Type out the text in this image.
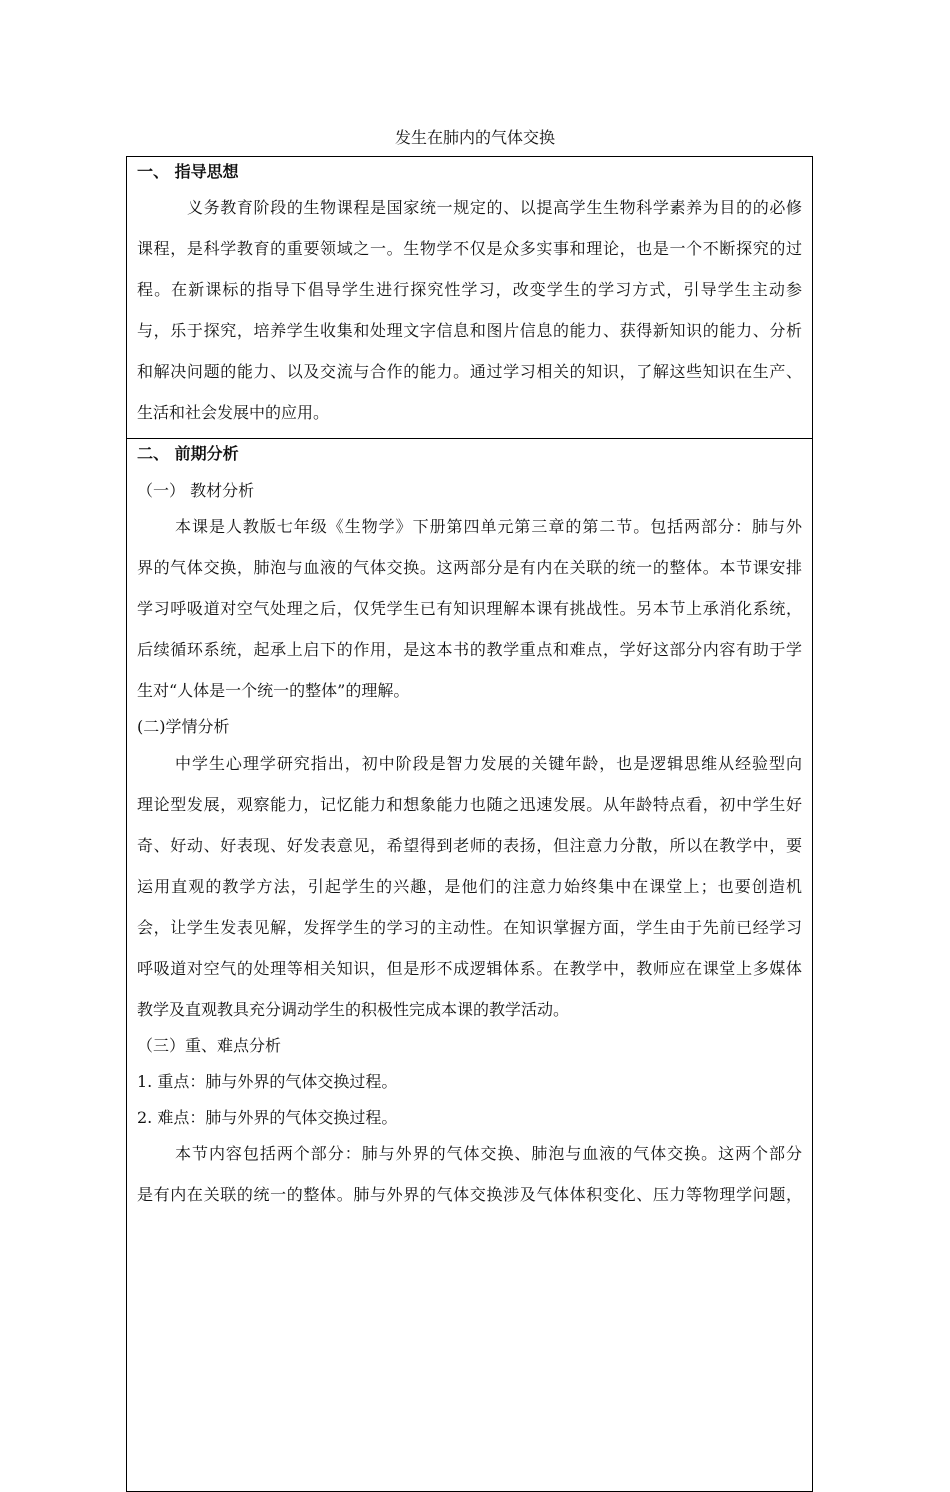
发生在肺内的气体交换
一、 指导思想
义务教育阶段的生物课程是国家统一规定的、以提高学生生物科学素养为目的的必修
课程，是科学教育的重要领域之一。生物学不仅是众多实事和理论，也是一个不断探究的过
程。在新课标的指导下倡导学生进行探究性学习，改变学生的学习方式，引导学生主动参
与，乐于探究，培养学生收集和处理文字信息和图片信息的能力、获得新知识的能力、分析
和解决问题的能力、以及交流与合作的能力。通过学习相关的知识，了解这些知识在生产、
生活和社会发展中的应用。
二、 前期分析
（一） 教材分析
本课是人教版七年级《生物学》下册第四单元第三章的第二节。包括两部分：肺与外
界的气体交换，肺泡与血液的气体交换。这两部分是有内在关联的统一的整体。本节课安排
学习呼吸道对空气处理之后，仅凭学生已有知识理解本课有挑战性。另本节上承消化系统，
后续循环系统，起承上启下的作用，是这本书的教学重点和难点，学好这部分内容有助于学
生对“人体是一个统一的整体”的理解。
(二)学情分析
中学生心理学研究指出，初中阶段是智力发展的关键年龄，也是逻辑思维从经验型向
理论型发展，观察能力，记忆能力和想象能力也随之迅速发展。从年龄特点看，初中学生好
奇、好动、好表现、好发表意见，希望得到老师的表扬，但注意力分散，所以在教学中，要
运用直观的教学方法，引起学生的兴趣，是他们的注意力始终集中在课堂上；也要创造机
会，让学生发表见解，发挥学生的学习的主动性。在知识掌握方面，学生由于先前已经学习
呼吸道对空气的处理等相关知识，但是形不成逻辑体系。在教学中，教师应在课堂上多媒体
教学及直观教具充分调动学生的积极性完成本课的教学活动。
（三）重、难点分析
1. 重点：肺与外界的气体交换过程。
2. 难点：肺与外界的气体交换过程。
本节内容包括两个部分：肺与外界的气体交换、肺泡与血液的气体交换。这两个部分
是有内在关联的统一的整体。肺与外界的气体交换涉及气体体积变化、压力等物理学问题，
